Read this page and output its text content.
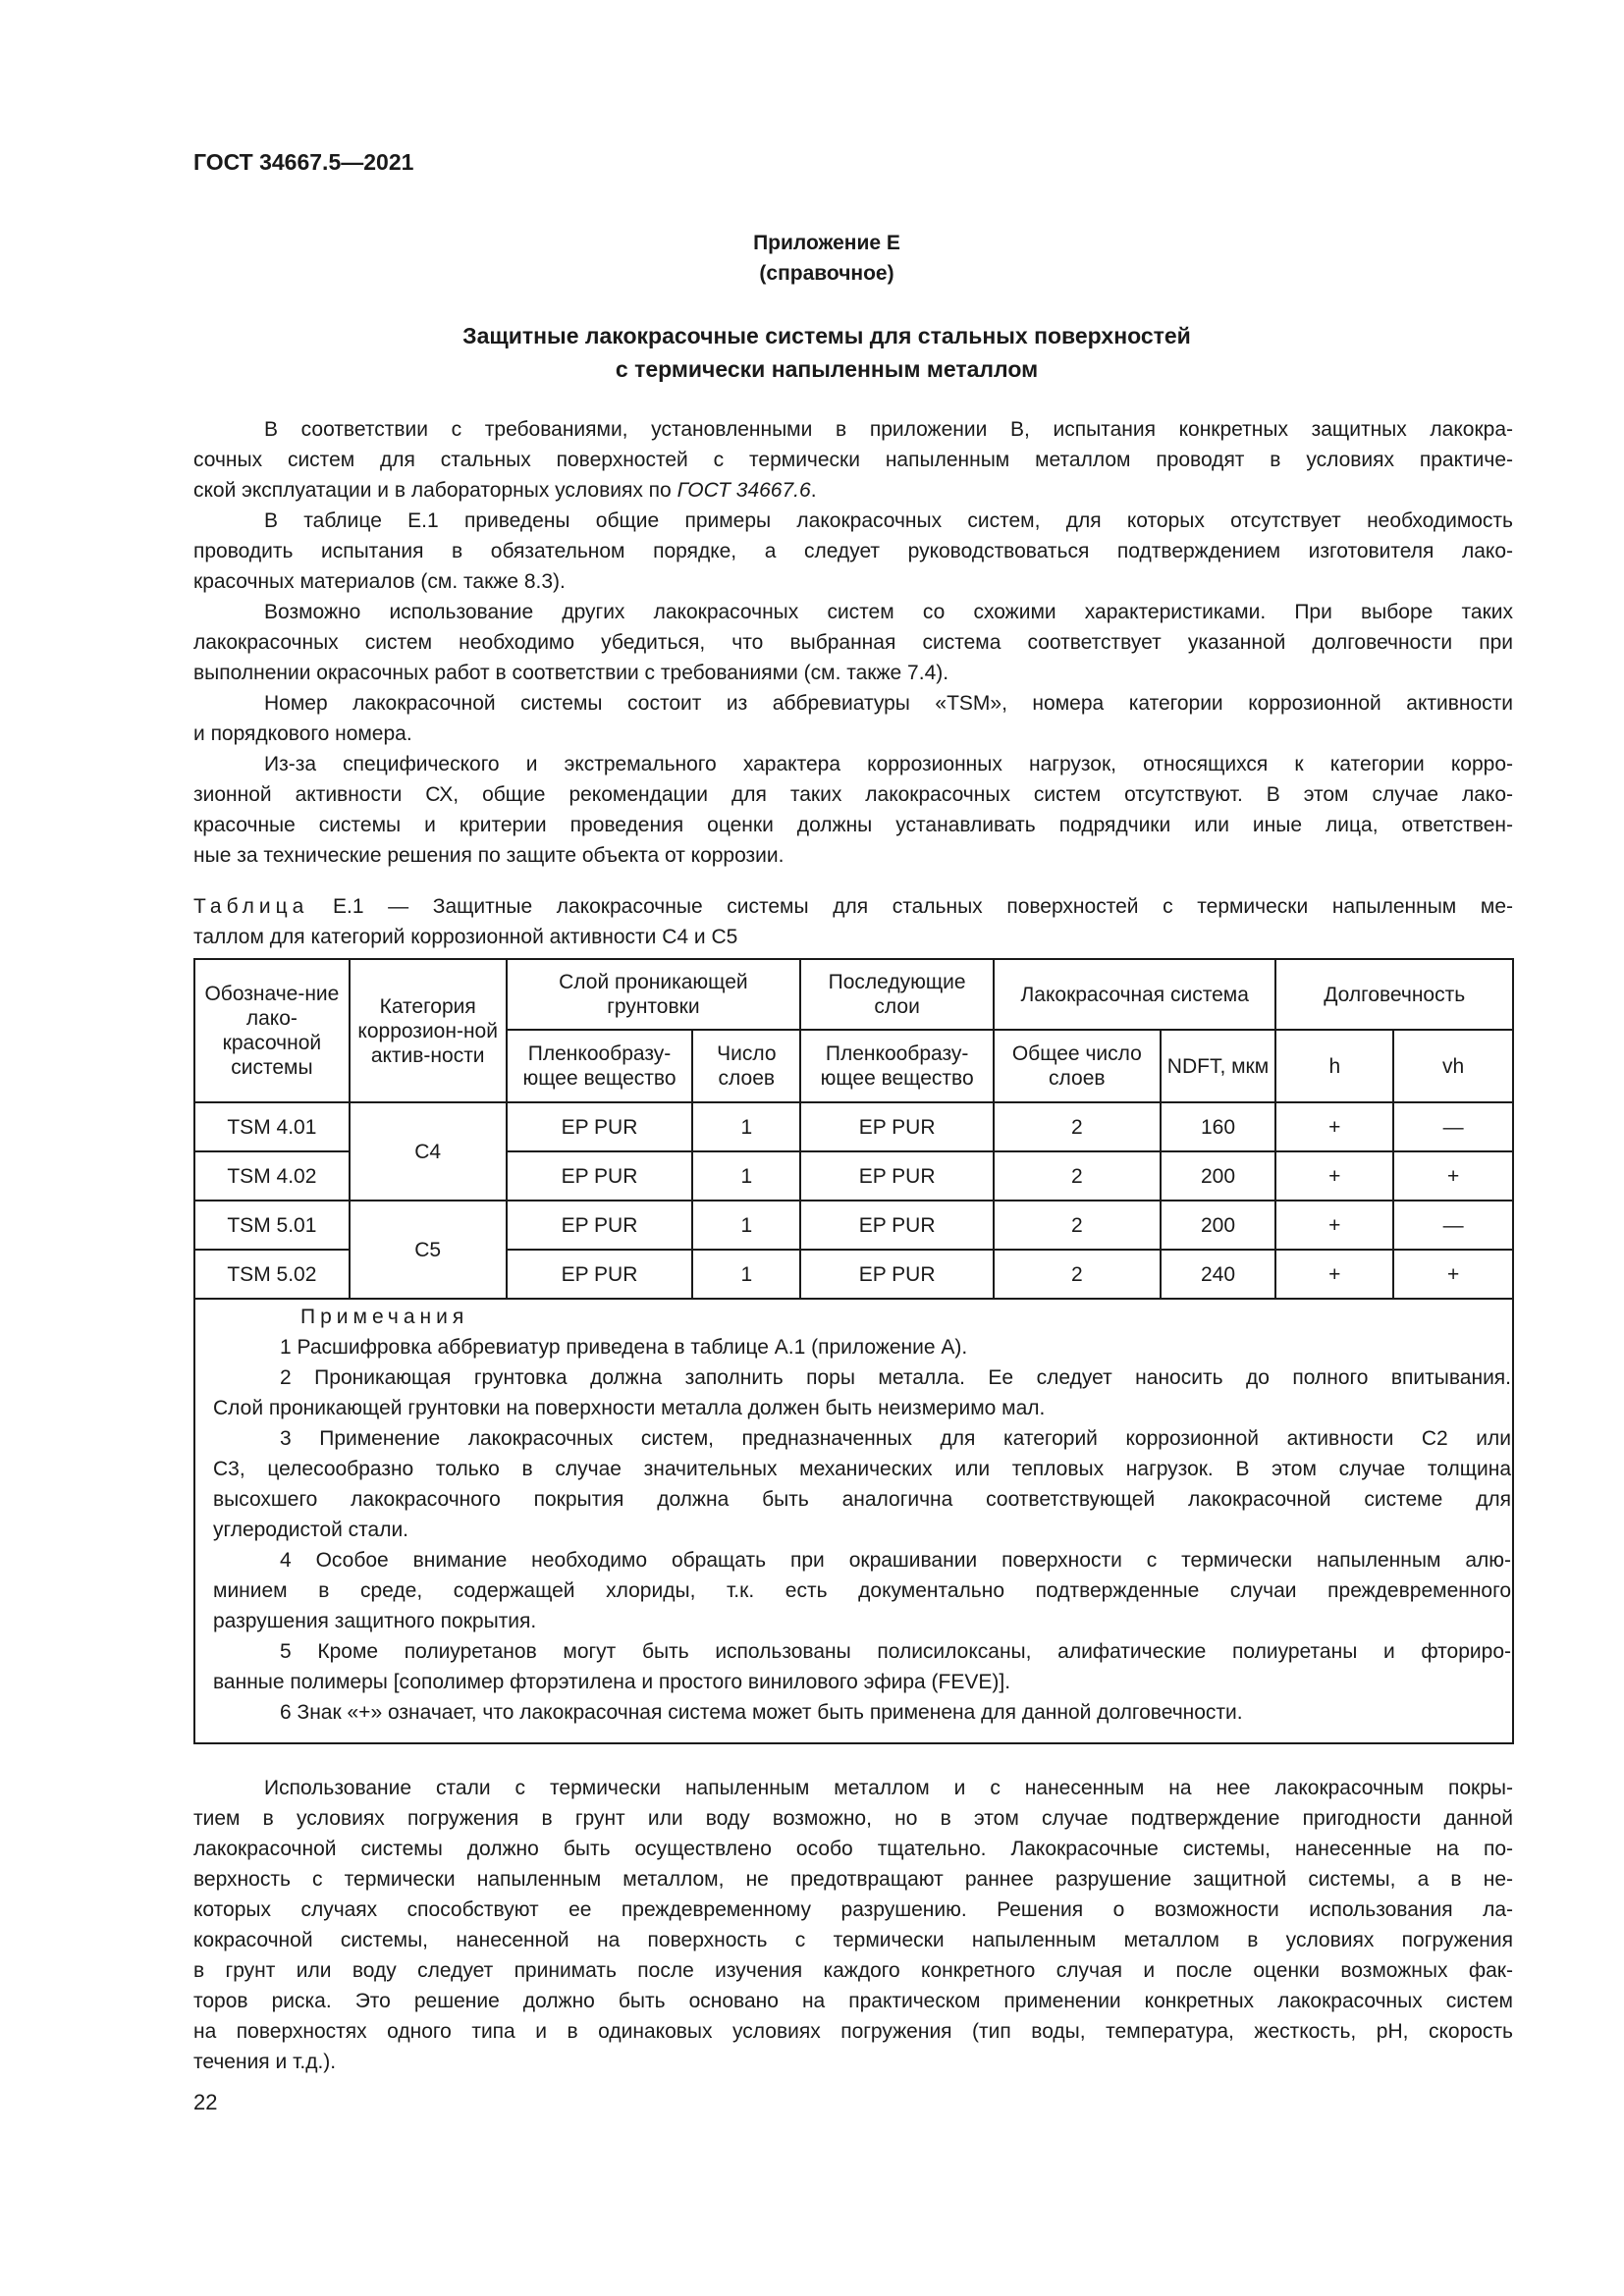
ГОСТ 34667.5—2021
Приложение Е
(справочное)
Защитные лакокрасочные системы для стальных поверхностей
с термически напыленным металлом
В соответствии с требованиями, установленными в приложении В, испытания конкретных защитных лакокра-
сочных систем для стальных поверхностей с термически напыленным металлом проводят в условиях практиче-
ской эксплуатации и в лабораторных условиях по ГОСТ 34667.6.
В таблице Е.1 приведены общие примеры лакокрасочных систем, для которых отсутствует необходимость
проводить испытания в обязательном порядке, а следует руководствоваться подтверждением изготовителя лако-
красочных материалов (см. также 8.3).
Возможно использование других лакокрасочных систем со схожими характеристиками. При выборе таких
лакокрасочных систем необходимо убедиться, что выбранная система соответствует указанной долговечности при
выполнении окрасочных работ в соответствии с требованиями (см. также 7.4).
Номер лакокрасочной системы состоит из аббревиатуры «TSM», номера категории коррозионной активности
и порядкового номера.
Из-за специфического и экстремального характера коррозионных нагрузок, относящихся к категории корро-
зионной активности СХ, общие рекомендации для таких лакокрасочных систем отсутствуют. В этом случае лако-
красочные системы и критерии проведения оценки должны устанавливать подрядчики или иные лица, ответствен-
ные за технические решения по защите объекта от коррозии.
Таблица Е.1 — Защитные лакокрасочные системы для стальных поверхностей с термически напыленным ме-
таллом для категорий коррозионной активности С4 и С5
Обозначе-ние лако-красочной системы	Категория коррозион-ной актив-ности	Слой проникающей грунтовки		Последующие слои	Лакокрасочная система		Долговечность	
		Пленкообразу-ющее вещество	Число слоев	Пленкообразу-ющее вещество	Общее число слоев	NDFT, мкм	h	vh
TSM 4.01	С4	EP PUR	1	EP PUR	2	160	+	—
TSM 4.02		EP PUR	1	EP PUR	2	200	+	+
TSM 5.01	С5	EP PUR	1	EP PUR	2	200	+	—
TSM 5.02		EP PUR	1	EP PUR	2	240	+	+
Примечания
1 Расшифровка аббревиатур приведена в таблице А.1 (приложение А).
2 Проникающая грунтовка должна заполнить поры металла. Ее следует наносить до полного впитывания.
Слой проникающей грунтовки на поверхности металла должен быть неизмеримо мал.
3 Применение лакокрасочных систем, предназначенных для категорий коррозионной активности С2 или
С3, целесообразно только в случае значительных механических или тепловых нагрузок. В этом случае толщина
высохшего лакокрасочного покрытия должна быть аналогична соответствующей лакокрасочной системе для
углеродистой стали.
4 Особое внимание необходимо обращать при окрашивании поверхности с термически напыленным алю-
минием в среде, содержащей хлориды, т.к. есть документально подтвержденные случаи преждевременного
разрушения защитного покрытия.
5 Кроме полиуретанов могут быть использованы полисилоксаны, алифатические полиуретаны и фториро-
ванные полимеры [сополимер фторэтилена и простого винилового эфира (FEVE)].
6 Знак «+» означает, что лакокрасочная система может быть применена для данной долговечности.
Использование стали с термически напыленным металлом и с нанесенным на нее лакокрасочным покры-
тием в условиях погружения в грунт или воду возможно, но в этом случае подтверждение пригодности данной
лакокрасочной системы должно быть осуществлено особо тщательно. Лакокрасочные системы, нанесенные на по-
верхность с термически напыленным металлом, не предотвращают раннее разрушение защитной системы, а в не-
которых случаях способствуют ее преждевременному разрушению. Решения о возможности использования ла-
кокрасочной системы, нанесенной на поверхность с термически напыленным металлом в условиях погружения
в грунт или воду следует принимать после изучения каждого конкретного случая и после оценки возможных фак-
торов риска. Это решение должно быть основано на практическом применении конкретных лакокрасочных систем
на поверхностях одного типа и в одинаковых условиях погружения (тип воды, температура, жесткость, pH, скорость
течения и т.д.).
22
